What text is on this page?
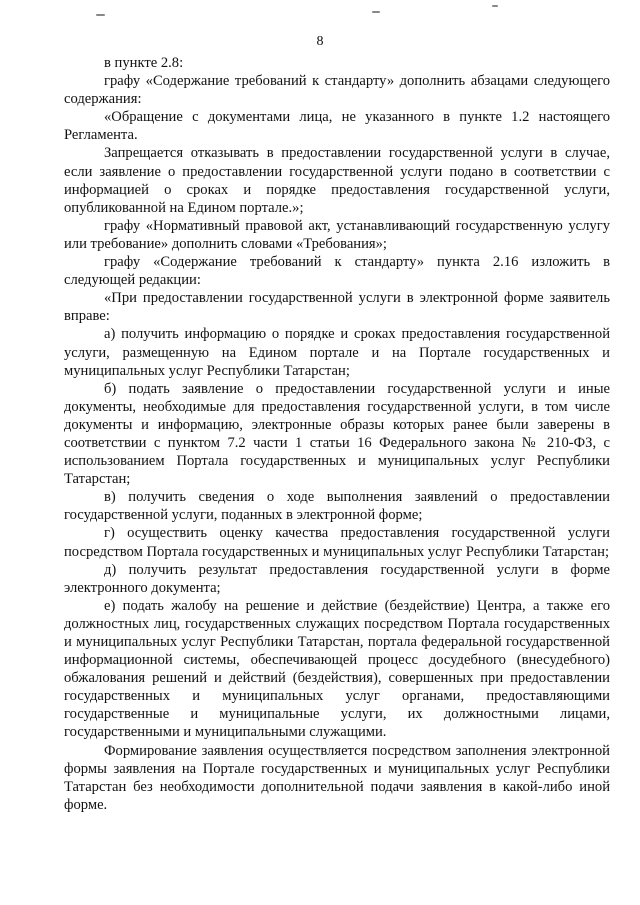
8

в пункте 2.8:

графу «Содержание требований к стандарту» дополнить абзацами следующего содержания:

«Обращение с документами лица, не указанного в пункте 1.2 настоящего Регламента.

Запрещается отказывать в предоставлении государственной услуги в случае, если заявление о предоставлении государственной услуги подано в соответствии с информацией о сроках и порядке предоставления государственной услуги, опубликованной на Едином портале.»;

графу «Нормативный правовой акт, устанавливающий государственную услугу или требование» дополнить словами «Требования»;

графу «Содержание требований к стандарту» пункта 2.16 изложить в следующей редакции:

«При предоставлении государственной услуги в электронной форме заявитель вправе:

а) получить информацию о порядке и сроках предоставления государственной услуги, размещенную на Едином портале и на Портале государственных и муниципальных услуг Республики Татарстан;

б) подать заявление о предоставлении государственной услуги и иные документы, необходимые для предоставления государственной услуги, в том числе документы и информацию, электронные образы которых ранее были заверены в соответствии с пунктом 7.2 части 1 статьи 16 Федерального закона № 210-ФЗ, с использованием Портала государственных и муниципальных услуг Республики Татарстан;

в) получить сведения о ходе выполнения заявлений о предоставлении государственной услуги, поданных в электронной форме;

г) осуществить оценку качества предоставления государственной услуги посредством Портала государственных и муниципальных услуг Республики Татарстан;

д) получить результат предоставления государственной услуги в форме электронного документа;

е) подать жалобу на решение и действие (бездействие) Центра, а также его должностных лиц, государственных служащих посредством Портала государственных и муниципальных услуг Республики Татарстан, портала федеральной государственной информационной системы, обеспечивающей процесс досудебного (внесудебного) обжалования решений и действий (бездействия), совершенных при предоставлении государственных и муниципальных услуг органами, предоставляющими государственные и муниципальные услуги, их должностными лицами, государственными и муниципальными служащими.

Формирование заявления осуществляется посредством заполнения электронной формы заявления на Портале государственных и муниципальных услуг Республики Татарстан без необходимости дополнительной подачи заявления в какой-либо иной форме.
